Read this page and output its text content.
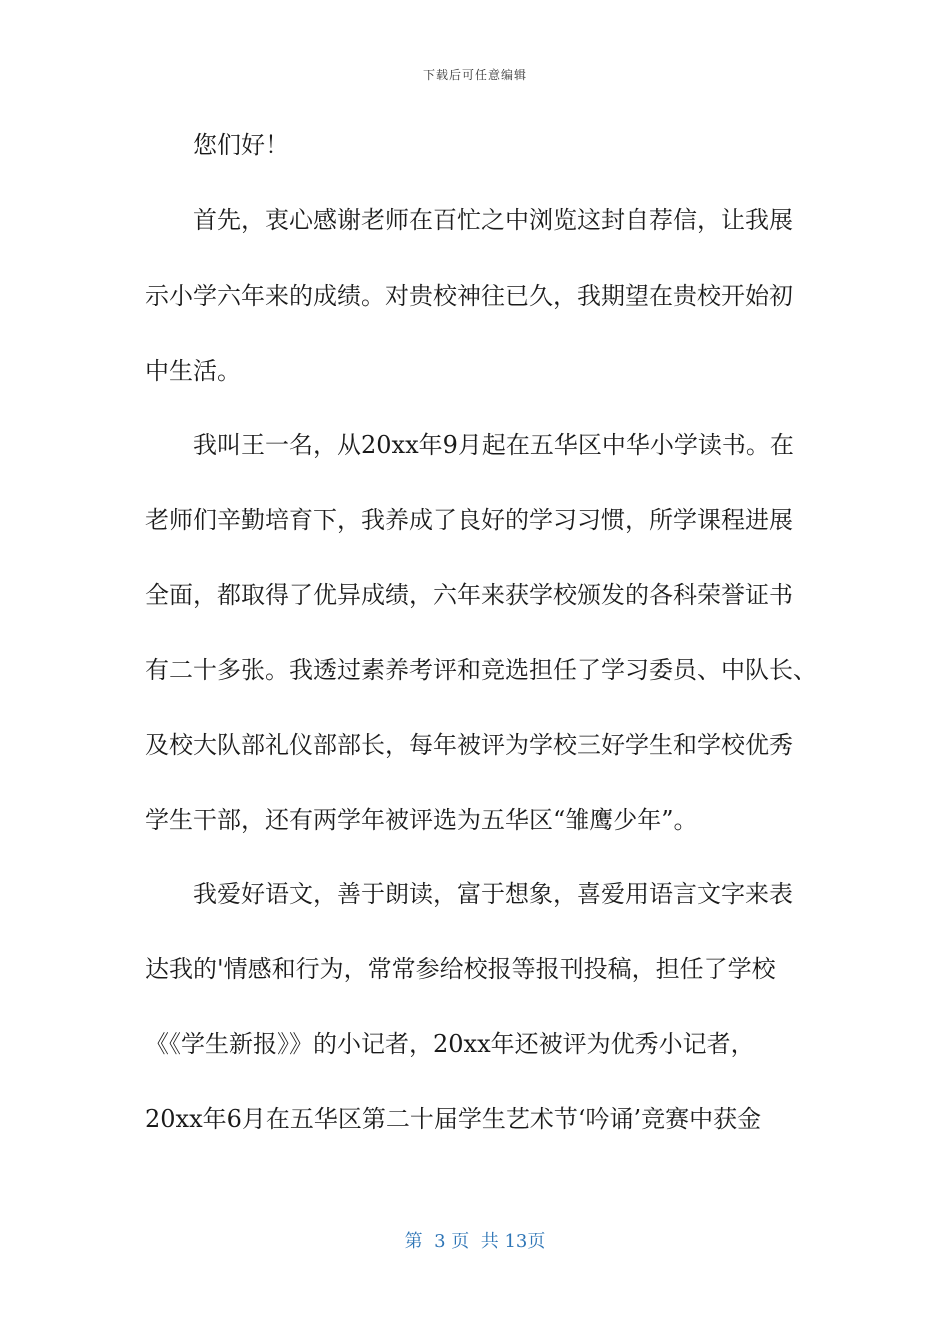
下载后可任意编辑
您们好！
首先，衷心感谢老师在百忙之中浏览这封自荐信，让我展
示小学六年来的成绩。对贵校神往已久，我期望在贵校开始初
中生活。
我叫王一名，从20xx年9月起在五华区中华小学读书。在
老师们辛勤培育下，我养成了良好的学习习惯，所学课程进展
全面，都取得了优异成绩，六年来获学校颁发的各科荣誉证书
有二十多张。我透过素养考评和竞选担任了学习委员、中队长、
及校大队部礼仪部部长，每年被评为学校三好学生和学校优秀
学生干部，还有两学年被评选为五华区“雏鹰少年”。
我爱好语文，善于朗读，富于想象，喜爱用语言文字来表
达我的'情感和行为，常常参给校报等报刊投稿，担任了学校
《《学生新报》》的小记者，20xx年还被评为优秀小记者，
20xx年6月在五华区第二十届学生艺术节‘吟诵’竞赛中获金
第  3 页  共 13页
